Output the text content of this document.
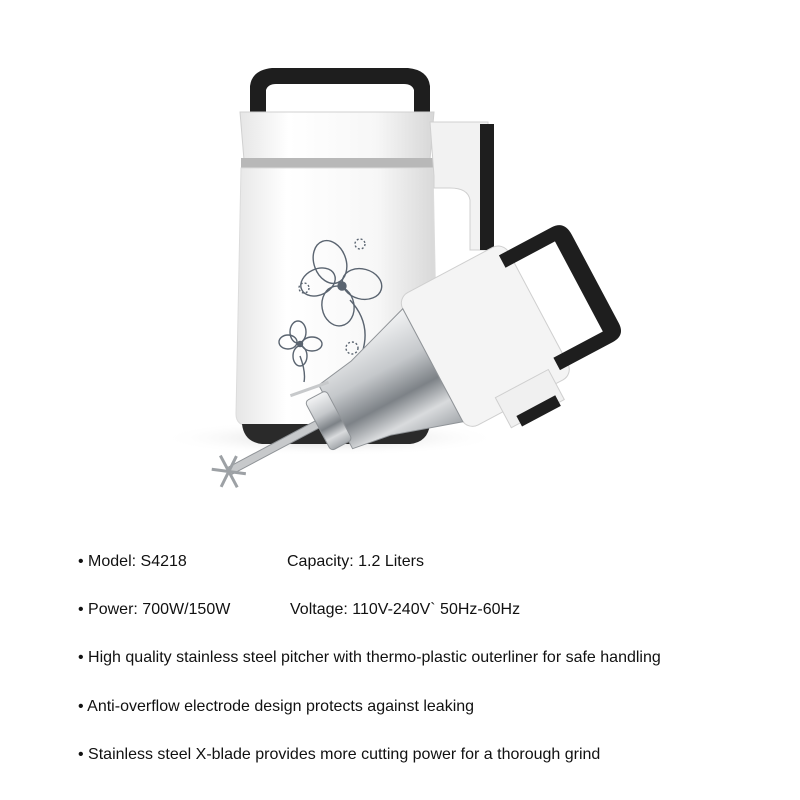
• Model: S4218	Capacity: 1.2 Liters
• Power: 700W/150W	Voltage: 110V-240V` 50Hz-60Hz
• High quality stainless steel pitcher with thermo-plastic outerliner for safe handling
• Anti-overflow electrode design protects against leaking
• Stainless steel X-blade provides more cutting power for a thorough grind
